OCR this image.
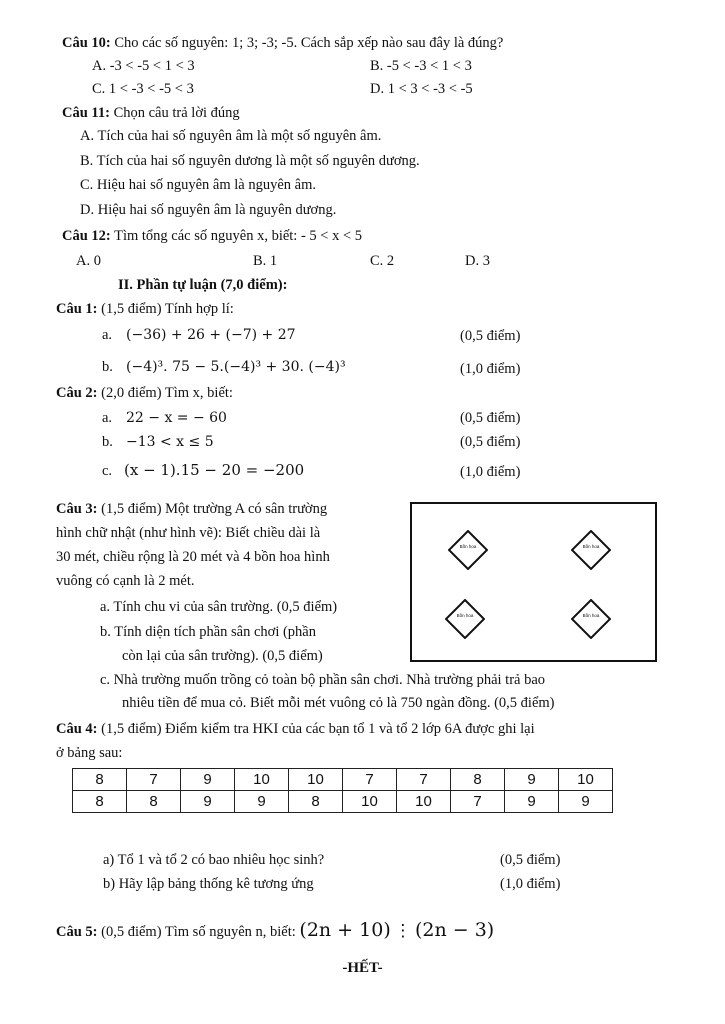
Câu 10: Cho các số nguyên: 1; 3; -3; -5. Cách sắp xếp nào sau đây là đúng?
A. -3 < -5 < 1 < 3	B. -5 < -3 < 1 < 3
C. 1 < -3 < -5 < 3	D. 1 < 3 < -3 < -5
Câu 11: Chọn câu trả lời đúng
A. Tích của hai số nguyên âm là một số nguyên âm.
B. Tích của hai số nguyên dương là một số nguyên dương.
C. Hiệu hai số nguyên âm là nguyên âm.
D. Hiệu hai số nguyên âm là nguyên dương.
Câu 12: Tìm tổng các số nguyên x, biết: - 5 < x < 5
A. 0	B. 1	C. 2	D. 3
II. Phần tự luận (7,0 điểm):
Câu 1: (1,5 điểm) Tính hợp lí:
a. (−36) + 26 + (−7) + 27	(0,5 điểm)
b. (−4)³. 75 − 5.(−4)³ + 30. (−4)³	(1,0 điểm)
Câu 2: (2,0 điểm) Tìm x, biết:
a. 22 − x = − 60	(0,5 điểm)
b. −13 < x ≤ 5	(0,5 điểm)
c. (x − 1).15 − 20 = −200	(1,0 điểm)
Câu 3: (1,5 điểm) Một trường A có sân trường
hình chữ nhật (như hình vẽ): Biết chiều dài là
30 mét, chiều rộng là 20 mét và 4 bồn hoa hình
vuông có cạnh là 2 mét.
a. Tính chu vi của sân trường. (0,5 điểm)
b. Tính diện tích phần sân chơi (phần
còn lại của sân trường). (0,5 điểm)
c. Nhà trường muốn trồng cỏ toàn bộ phần sân chơi. Nhà trường phải trả bao
nhiêu tiền để mua cỏ. Biết mỗi mét vuông cỏ là 750 ngàn đồng. (0,5 điểm)
Bồn hoa	Bồn hoa
Bồn hoa	Bồn hoa
Câu 4: (1,5 điểm) Điểm kiểm tra HKI của các bạn tổ 1 và tổ 2 lớp 6A được ghi lại
ở bảng sau:
8	7	9	10	10	7	7	8	9	10
8	8	9	9	8	10	10	7	9	9
a) Tổ 1 và tổ 2 có bao nhiêu học sinh?	(0,5 điểm)
b) Hãy lập bảng thống kê tương ứng	(1,0 điểm)
Câu 5: (0,5 điểm) Tìm số nguyên n, biết: (2n + 10) ⋮ (2n − 3)
-HẾT-
